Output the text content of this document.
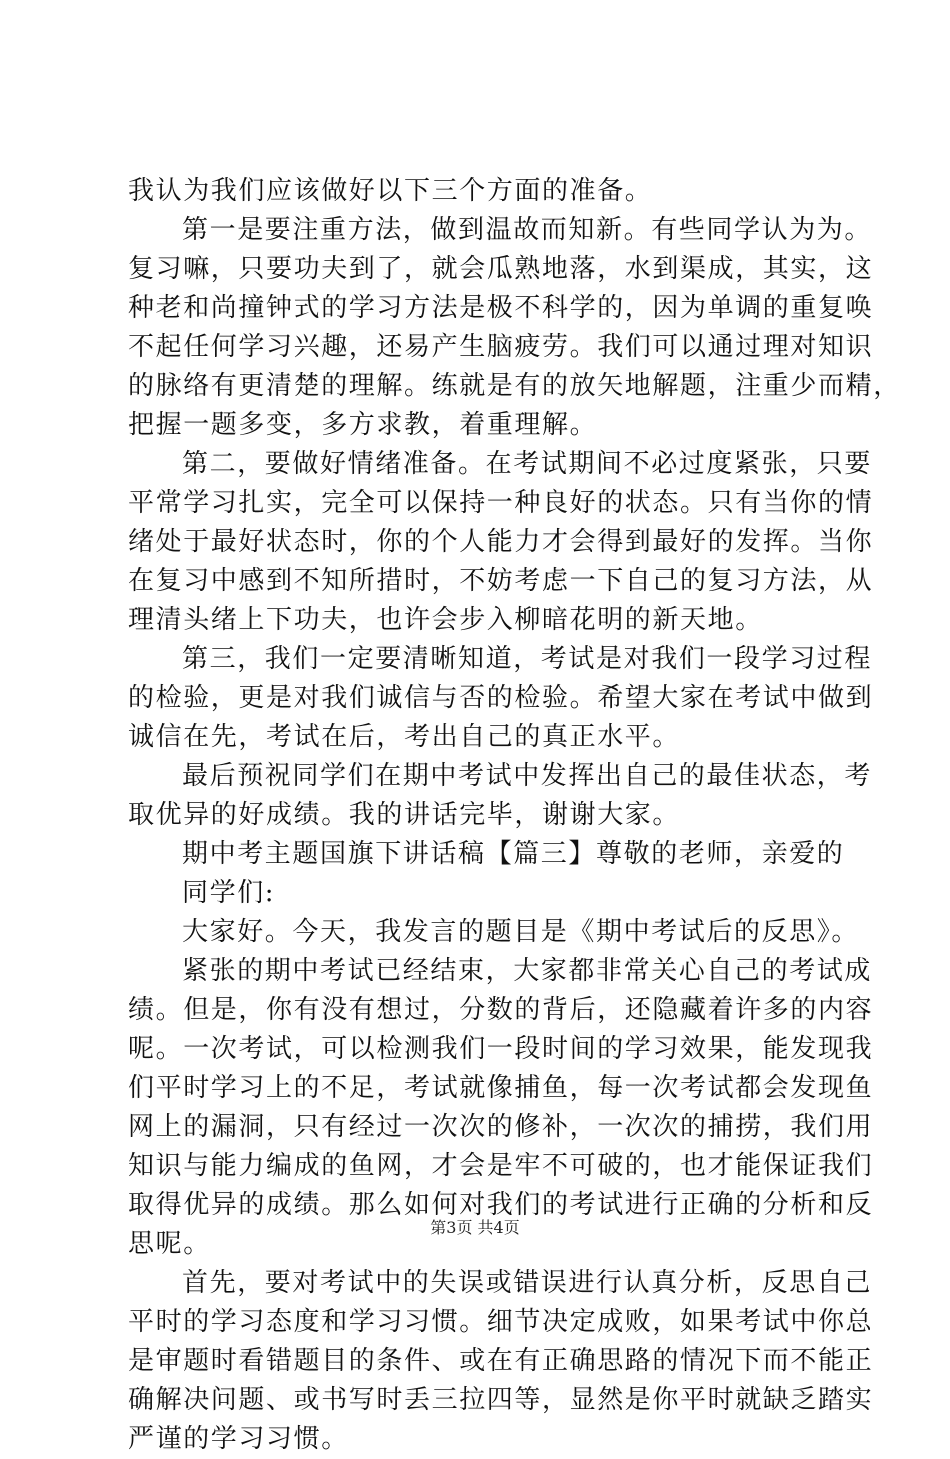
我认为我们应该做好以下三个方面的准备。
第一是要注重方法，做到温故而知新。有些同学认为为。
复习嘛，只要功夫到了，就会瓜熟地落，水到渠成，其实，这
种老和尚撞钟式的学习方法是极不科学的，因为单调的重复唤
不起任何学习兴趣，还易产生脑疲劳。我们可以通过理对知识
的脉络有更清楚的理解。练就是有的放矢地解题，注重少而精，
把握一题多变，多方求教，着重理解。
第二，要做好情绪准备。在考试期间不必过度紧张，只要
平常学习扎实，完全可以保持一种良好的状态。只有当你的情
绪处于最好状态时，你的个人能力才会得到最好的发挥。当你
在复习中感到不知所措时，不妨考虑一下自己的复习方法，从
理清头绪上下功夫，也许会步入柳暗花明的新天地。
第三，我们一定要清晰知道，考试是对我们一段学习过程
的检验，更是对我们诚信与否的检验。希望大家在考试中做到
诚信在先，考试在后，考出自己的真正水平。
最后预祝同学们在期中考试中发挥出自己的最佳状态，考
取优异的好成绩。我的讲话完毕，谢谢大家。
期中考主题国旗下讲话稿【篇三】尊敬的老师，亲爱的
同学们:
大家好。今天，我发言的题目是《期中考试后的反思》。
紧张的期中考试已经结束，大家都非常关心自己的考试成
绩。但是，你有没有想过，分数的背后，还隐藏着许多的内容
呢。一次考试，可以检测我们一段时间的学习效果，能发现我
们平时学习上的不足，考试就像捕鱼，每一次考试都会发现鱼
网上的漏洞，只有经过一次次的修补，一次次的捕捞，我们用
知识与能力编成的鱼网，才会是牢不可破的，也才能保证我们
取得优异的成绩。那么如何对我们的考试进行正确的分析和反
思呢。
首先，要对考试中的失误或错误进行认真分析，反思自己
平时的学习态度和学习习惯。细节决定成败，如果考试中你总
是审题时看错题目的条件、或在有正确思路的情况下而不能正
确解决问题、或书写时丢三拉四等，显然是你平时就缺乏踏实
严谨的学习习惯。
第3页 共4页
